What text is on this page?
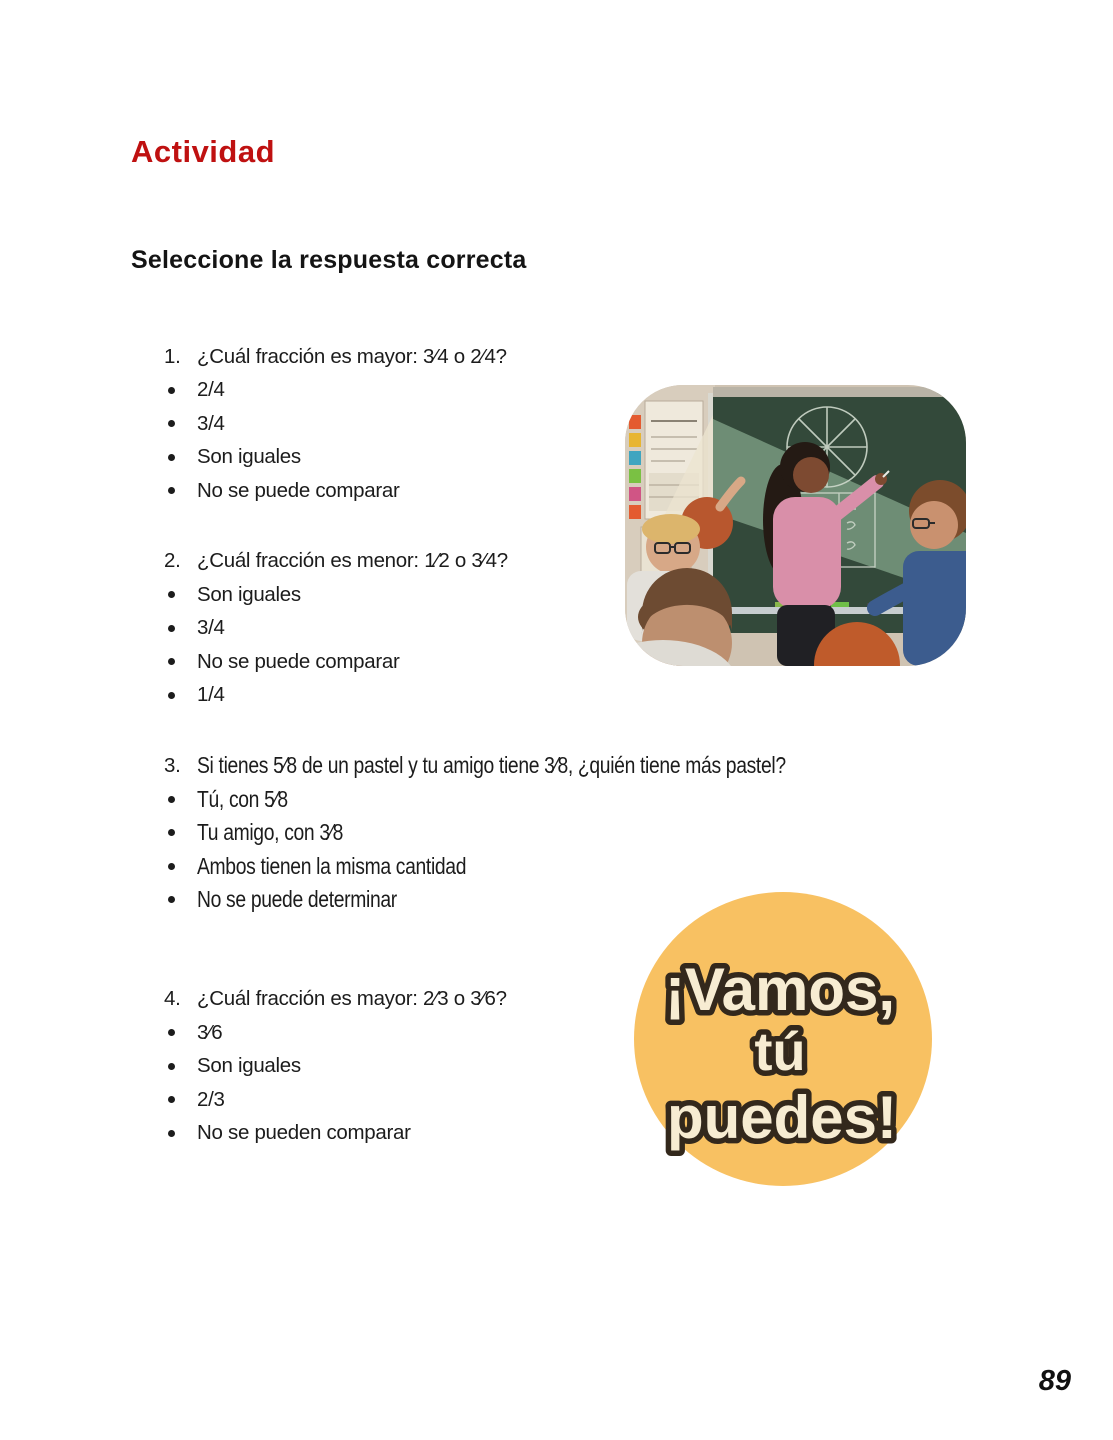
Actividad
Seleccione la respuesta correcta
1. ¿Cuál fracción es mayor: 3⁄4 o 2⁄4?
2/4
3/4
Son iguales
No se puede comparar
2. ¿Cuál fracción es menor: 1⁄2 o 3⁄4?
Son iguales
3/4
No se puede comparar
1/4
3. Si tienes 5⁄8 de un pastel y tu amigo tiene 3⁄8, ¿quién tiene más pastel?
Tú, con 5⁄8
Tu amigo, con 3⁄8
Ambos tienen la misma cantidad
No se puede determinar
4. ¿Cuál fracción es mayor: 2⁄3 o 3⁄6?
3⁄6
Son iguales
2/3
No se pueden comparar
¡Vamos,
tú
puedes!
89
